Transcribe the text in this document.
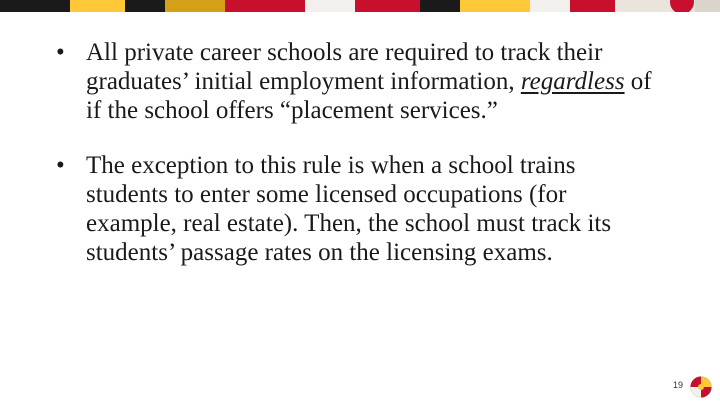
• All private career schools are required to track their graduates’ initial employment information, regardless of if the school offers “placement services.”
• The exception to this rule is when a school trains students to enter some licensed occupations (for example, real estate). Then, the school must track its students’ passage rates on the licensing exams.
19
